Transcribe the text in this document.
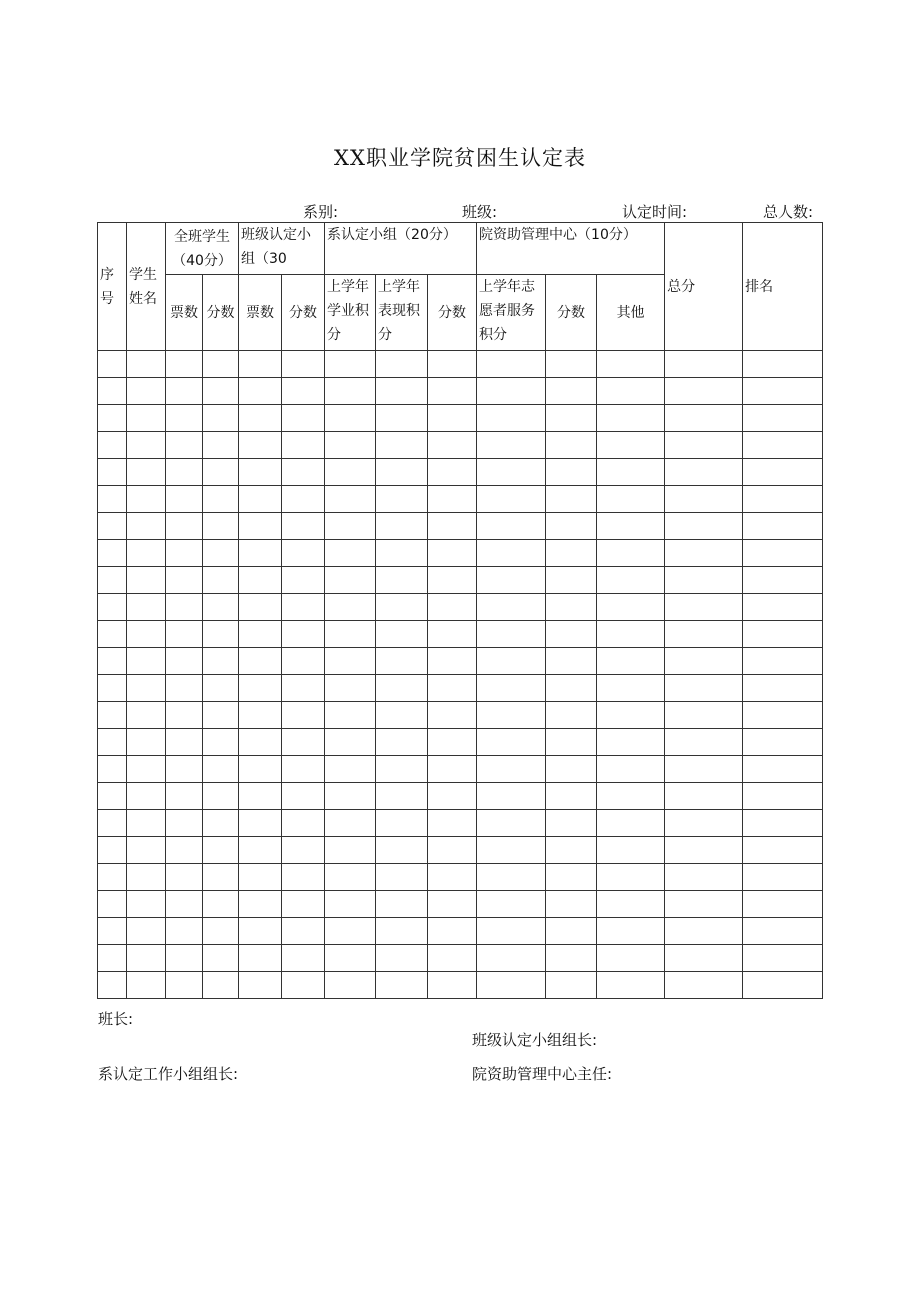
XX职业学院贫困生认定表
系别:	班级:	认定时间:	总人数:
序号	学生姓名	全班学生（40分）		班级认定小组（30		系认定小组（20分）			院资助管理中心（10分）			总分	排名
		票数	分数	票数	分数	上学年学业积分	上学年表现积分	分数	上学年志愿者服务积分	分数	其他		

班长:
班级认定小组组长:
系认定工作小组组长:	院资助管理中心主任:
